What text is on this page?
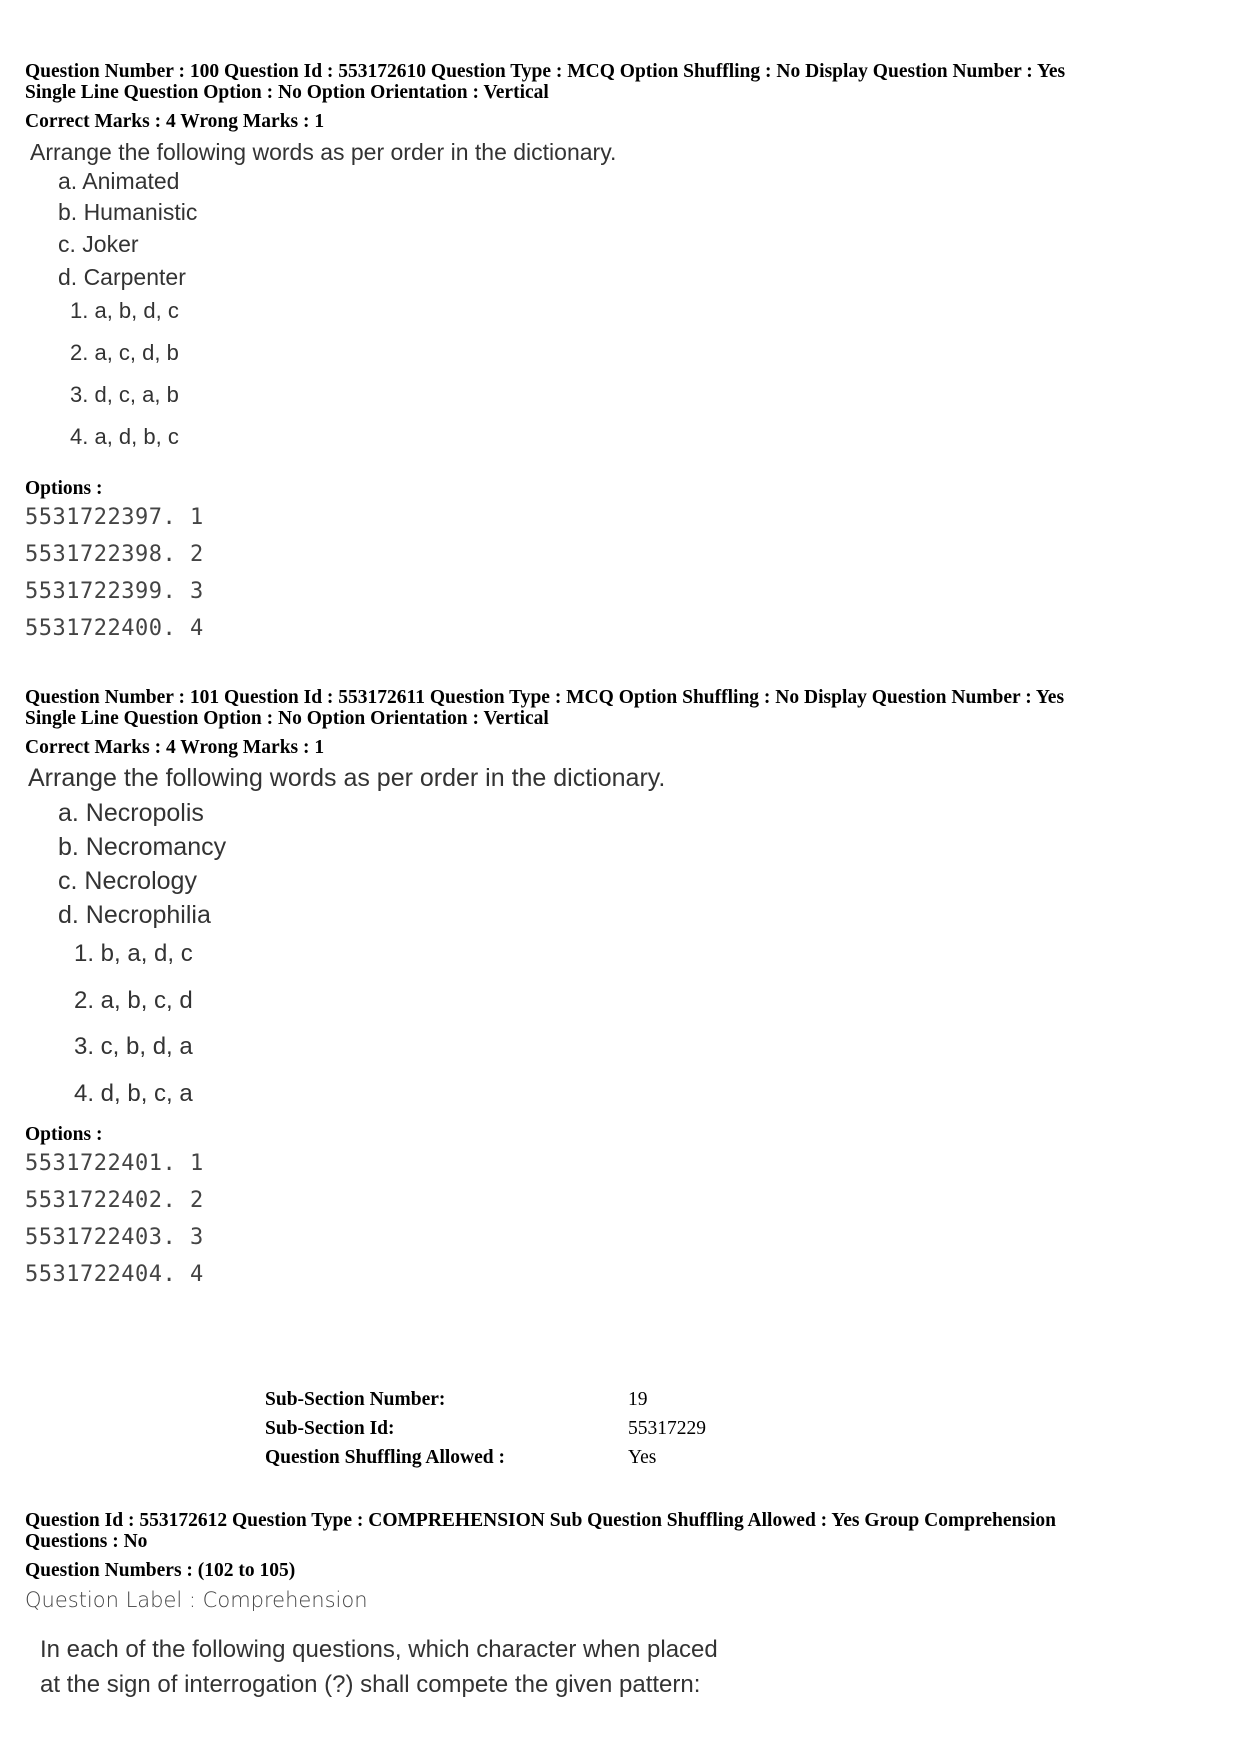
Question Number : 100 Question Id : 553172610 Question Type : MCQ Option Shuffling : No Display Question Number : Yes
Single Line Question Option : No Option Orientation : Vertical
Correct Marks : 4 Wrong Marks : 1
Arrange the following words as per order in the dictionary.
a. Animated
b. Humanistic
c. Joker
d. Carpenter
1. a, b, d, c
2. a, c, d, b
3. d, c, a, b
4. a, d, b, c
Options :
5531722397. 1
5531722398. 2
5531722399. 3
5531722400. 4
Question Number : 101 Question Id : 553172611 Question Type : MCQ Option Shuffling : No Display Question Number : Yes
Single Line Question Option : No Option Orientation : Vertical
Correct Marks : 4 Wrong Marks : 1
Arrange the following words as per order in the dictionary.
a. Necropolis
b. Necromancy
c. Necrology
d. Necrophilia
1. b, a, d, c
2. a, b, c, d
3. c, b, d, a
4. d, b, c, a
Options :
5531722401. 1
5531722402. 2
5531722403. 3
5531722404. 4
Sub-Section Number:	19
Sub-Section Id:	55317229
Question Shuffling Allowed :	Yes
Question Id : 553172612 Question Type : COMPREHENSION Sub Question Shuffling Allowed : Yes Group Comprehension
Questions : No
Question Numbers : (102 to 105)
Question Label : Comprehension
In each of the following questions, which character when placed
at the sign of interrogation (?) shall compete the given pattern:
